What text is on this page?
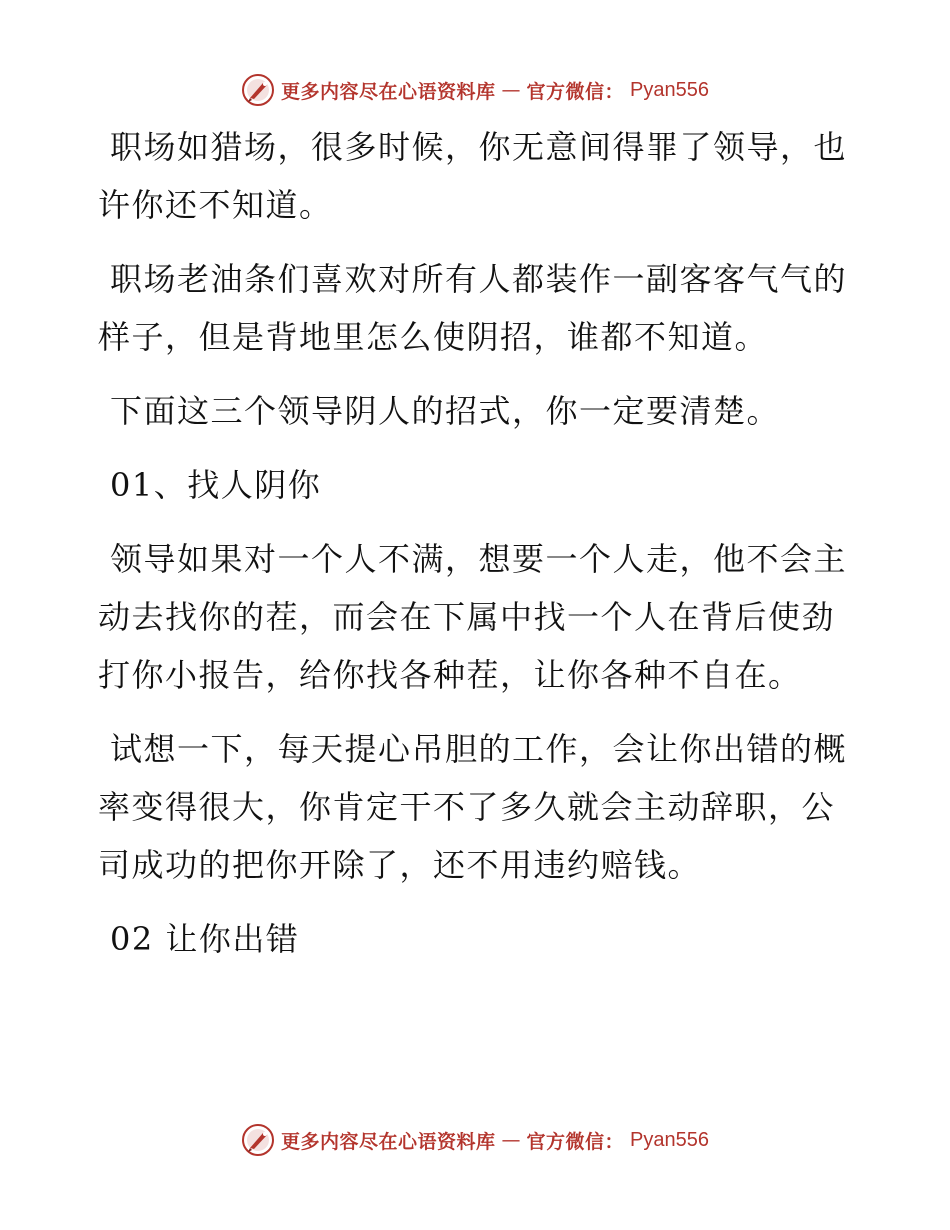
更多内容尽在心语资料库 — 官方微信： Pyan556

职场如猎场，很多时候，你无意间得罪了领导，也许你还不知道。

职场老油条们喜欢对所有人都装作一副客客气气的样子，但是背地里怎么使阴招，谁都不知道。

下面这三个领导阴人的招式，你一定要清楚。

01、找人阴你

领导如果对一个人不满，想要一个人走，他不会主动去找你的茬，而会在下属中找一个人在背后使劲打你小报告，给你找各种茬，让你各种不自在。

试想一下，每天提心吊胆的工作，会让你出错的概率变得很大，你肯定干不了多久就会主动辞职，公司成功的把你开除了，还不用违约赔钱。

02 让你出错

更多内容尽在心语资料库 — 官方微信： Pyan556
